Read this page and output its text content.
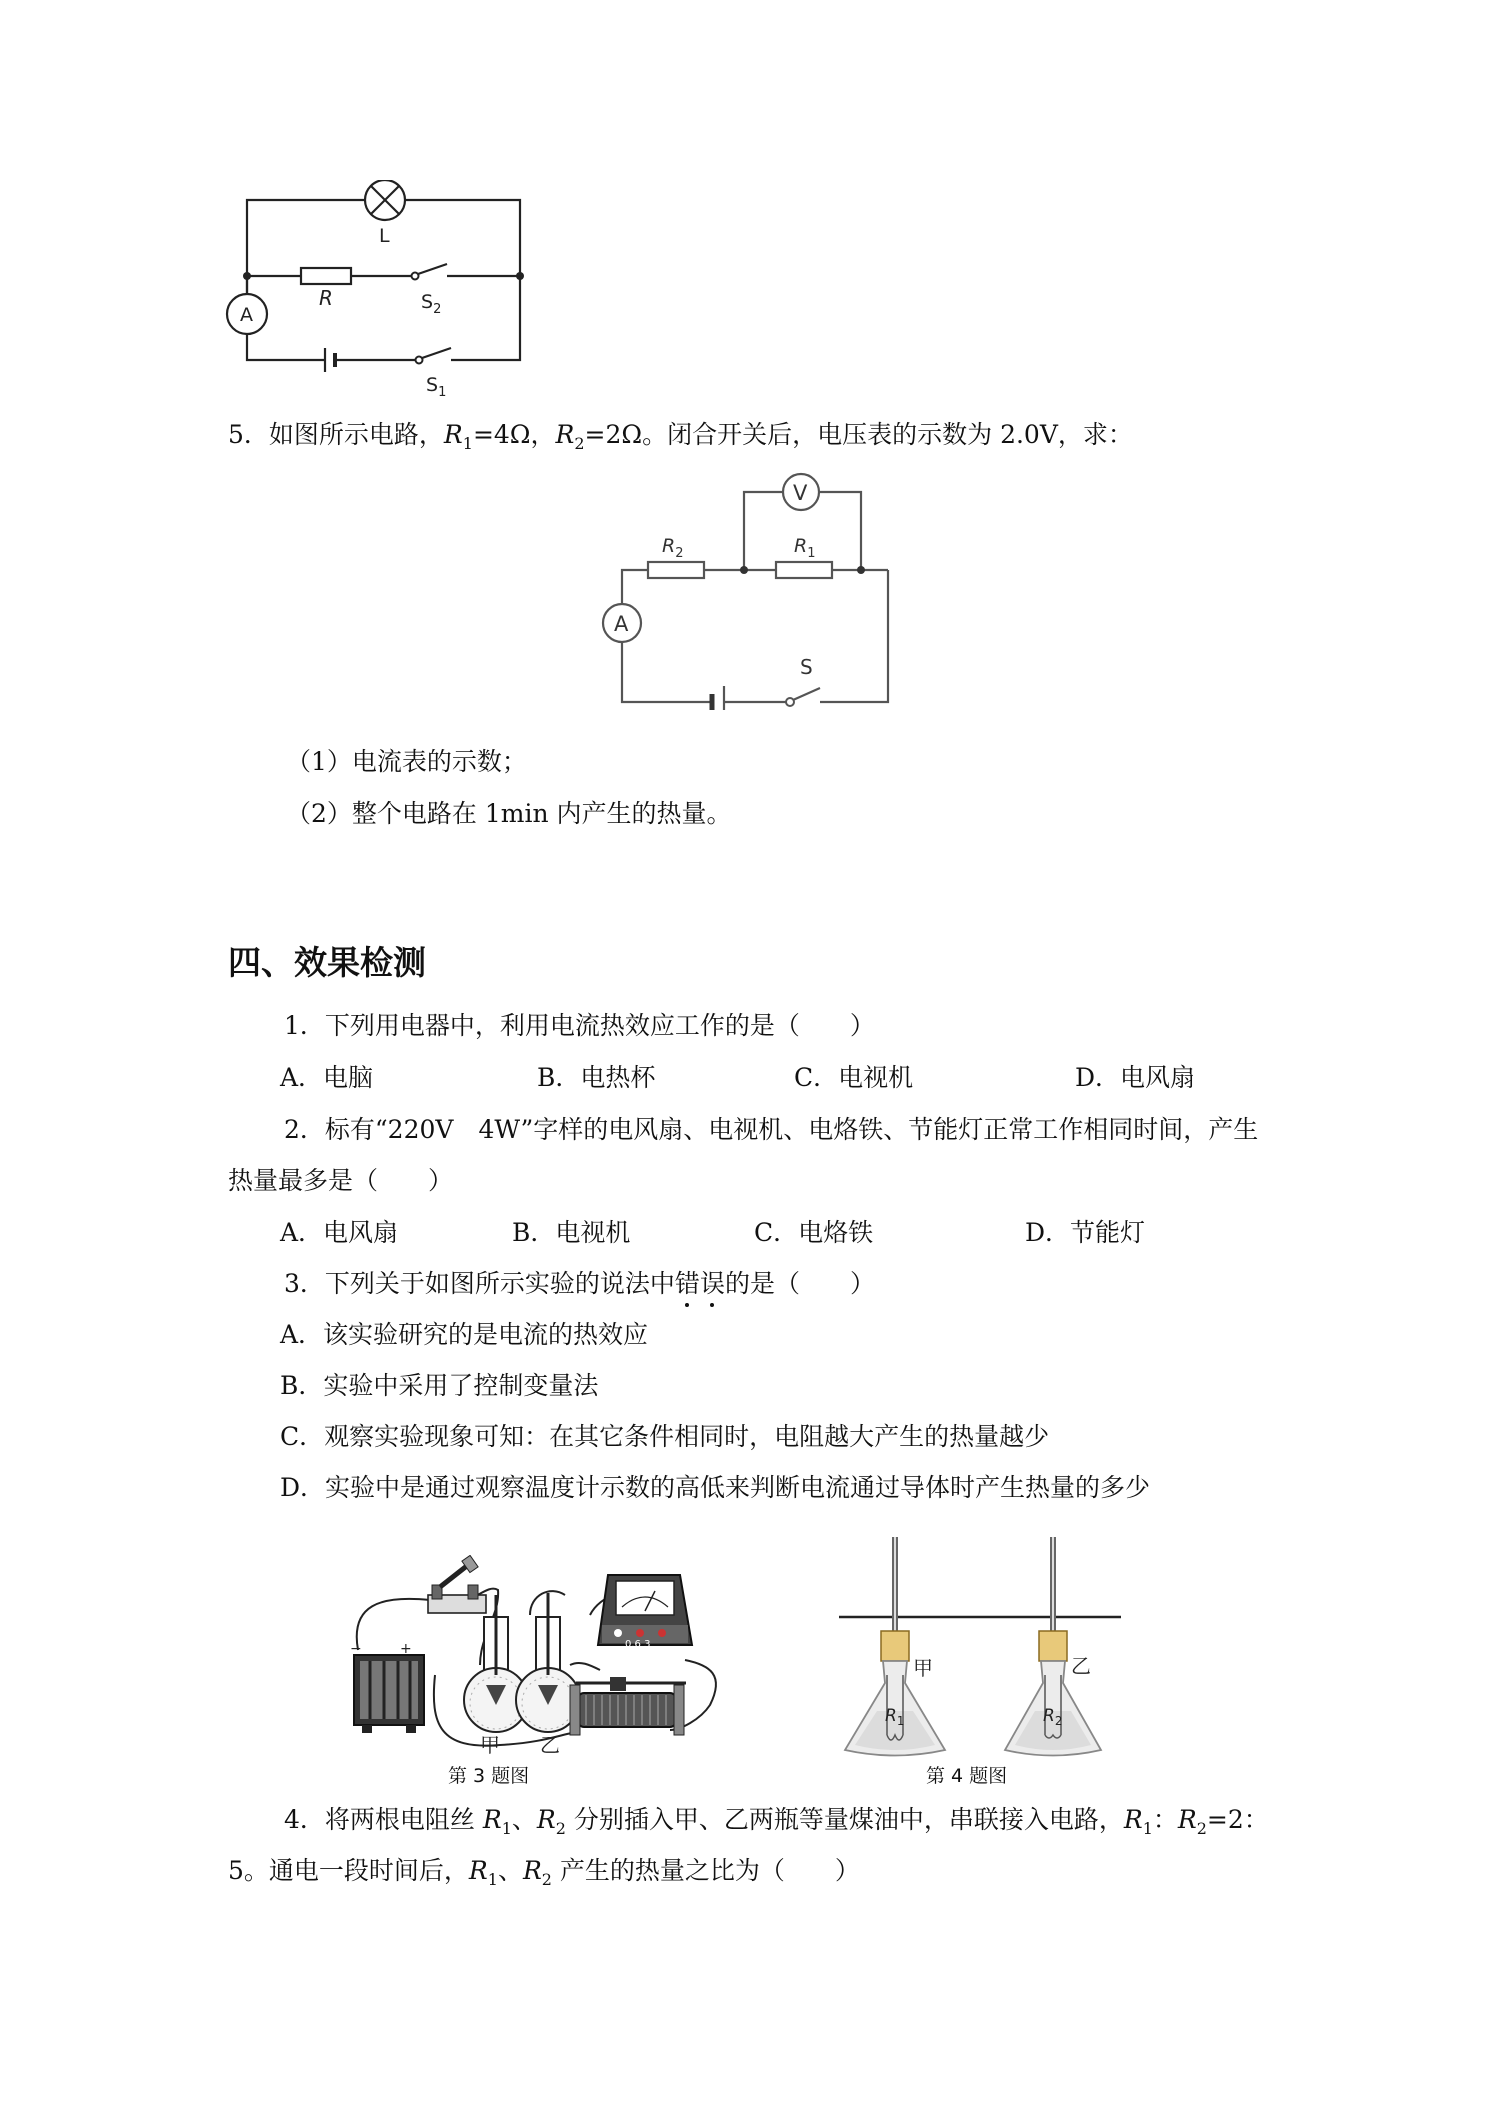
L
R	$S_2$
A
$S_1$
5．如图所示电路，$R_1=4\Omega$，$R_2=2\Omega$。闭合开关后，电压表的示数为 2.0V，求：
V
$R_2$	$R_1$
A
S
（1）电流表的示数；
（2）整个电路在 1min 内产生的热量。
四、效果检测
1．下列用电器中，利用电流热效应工作的是（　　）
A．电脑	B．电热杯	C．电视机	D．电风扇
2．标有“220V　4W”字样的电风扇、电视机、电烙铁、节能灯正常工作相同时间，产生
热量最多是（　　）
A．电风扇	B．电视机	C．电烙铁	D．节能灯
3．下列关于如图所示实验的说法中错误的是（　　）
A．该实验研究的是电流的热效应
B．实验中采用了控制变量法
C．观察实验现象可知：在其它条件相同时，电阻越大产生的热量越少
D．实验中是通过观察温度计示数的高低来判断电流通过导体时产生热量的多少
−	+
甲 乙
0.6 3
第 3 题图
甲
$R_1$
乙
$R_2$
第 4 题图
4．将两根电阻丝 $R_1$、$R_2$ 分别插入甲、乙两瓶等量煤油中，串联接入电路，$R_1$：$R_2=2$：
5。通电一段时间后，$R_1$、$R_2$ 产生的热量之比为（　　）
